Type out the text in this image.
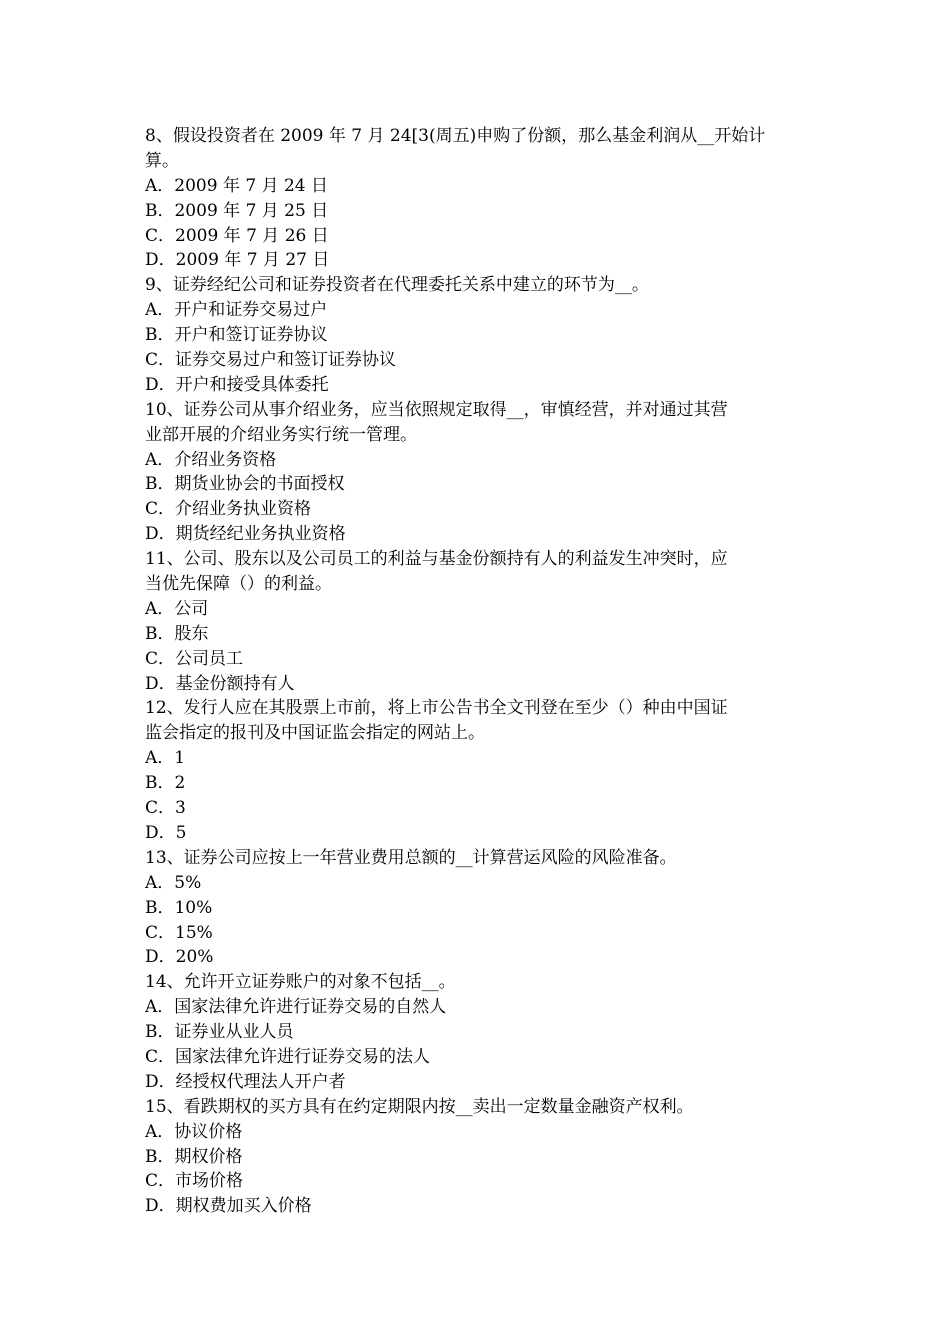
8、假设投资者在 2009 年 7 月 24[3(周五)申购了份额，那么基金利润从__开始计
算。
A．2009 年 7 月 24 日
B．2009 年 7 月 25 日
C．2009 年 7 月 26 日
D．2009 年 7 月 27 日
9、证券经纪公司和证券投资者在代理委托关系中建立的环节为__。
A．开户和证券交易过户
B．开户和签订证券协议
C．证券交易过户和签订证券协议
D．开户和接受具体委托
10、证券公司从事介绍业务，应当依照规定取得__，审慎经营，并对通过其营
业部开展的介绍业务实行统一管理。
A．介绍业务资格
B．期货业协会的书面授权
C．介绍业务执业资格
D．期货经纪业务执业资格
11、公司、股东以及公司员工的利益与基金份额持有人的利益发生冲突时，应
当优先保障（）的利益。
A．公司
B．股东
C．公司员工
D．基金份额持有人
12、发行人应在其股票上市前，将上市公告书全文刊登在至少（）种由中国证
监会指定的报刊及中国证监会指定的网站上。
A．1
B．2
C．3
D．5
13、证券公司应按上一年营业费用总额的__计算营运风险的风险准备。
A．5%
B．10%
C．15%
D．20%
14、允许开立证券账户的对象不包括__。
A．国家法律允许进行证券交易的自然人
B．证券业从业人员
C．国家法律允许进行证券交易的法人
D．经授权代理法人开户者
15、看跌期权的买方具有在约定期限内按__卖出一定数量金融资产权利。
A．协议价格
B．期权价格
C．市场价格
D．期权费加买入价格
